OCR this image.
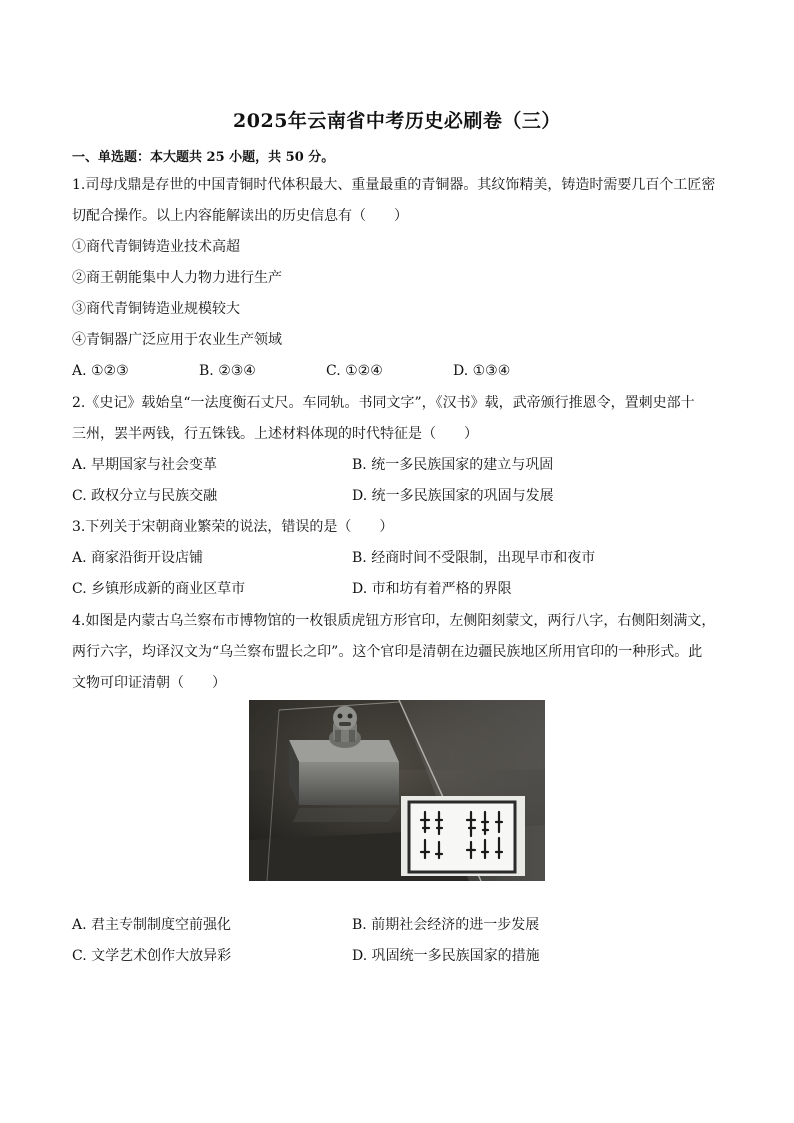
2025年云南省中考历史必刷卷（三）

一、单选题：本大题共 25 小题，共 50 分。

1.司母戊鼎是存世的中国青铜时代体积最大、重量最重的青铜器。其纹饰精美，铸造时需要几百个工匠密

切配合操作。以上内容能解读出的历史信息有（　　）

①商代青铜铸造业技术高超

②商王朝能集中人力物力进行生产

③商代青铜铸造业规模较大

④青铜器广泛应用于农业生产领域

A. ①②③	B. ②③④	C. ①②④	D. ①③④

2.《史记》载始皇“一法度衡石丈尺。车同轨。书同文字”，《汉书》载，武帝颁行推恩令，置刺史部十

三州，罢半两钱，行五铢钱。上述材料体现的时代特征是（　　）

A. 早期国家与社会变革	B. 统一多民族国家的建立与巩固
C. 政权分立与民族交融	D. 统一多民族国家的巩固与发展

3.下列关于宋朝商业繁荣的说法，错误的是（　　）

A. 商家沿街开设店铺	B. 经商时间不受限制，出现早市和夜市
C. 乡镇形成新的商业区草市	D. 市和坊有着严格的界限

4.如图是内蒙古乌兰察布市博物馆的一枚银质虎钮方形官印，左侧阳刻蒙文，两行八字，右侧阳刻满文，

两行六字，均译汉文为“乌兰察布盟长之印”。这个官印是清朝在边疆民族地区所用官印的一种形式。此

文物可印证清朝（　　）

A. 君主专制制度空前强化	B. 前期社会经济的进一步发展
C. 文学艺术创作大放异彩	D. 巩固统一多民族国家的措施
